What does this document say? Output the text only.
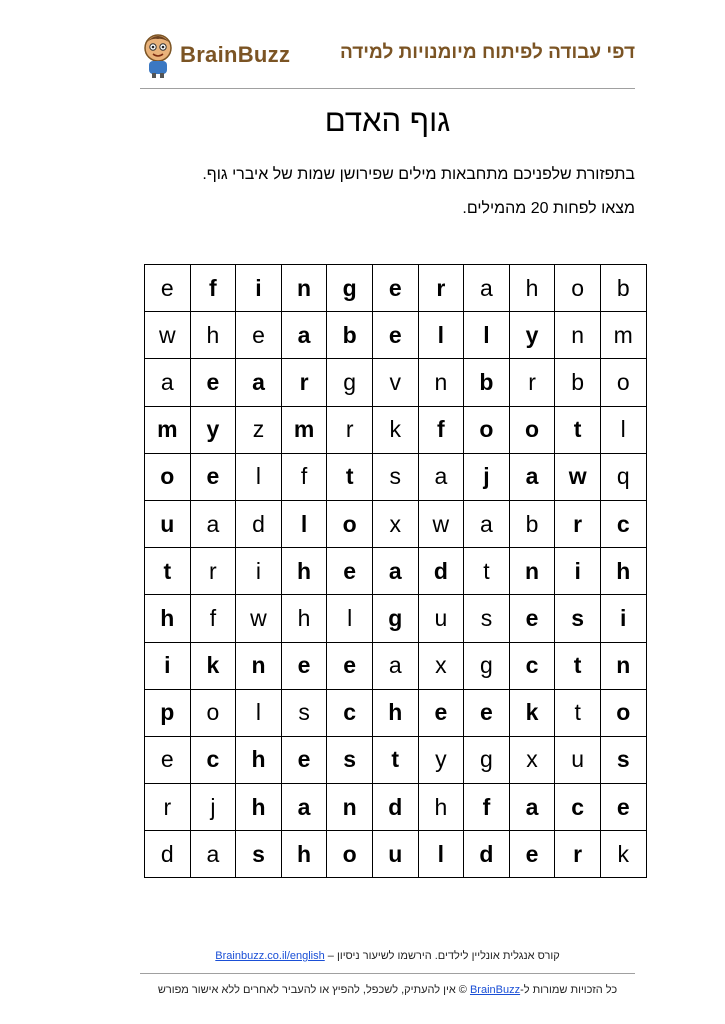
BrainBuzz	דפי עבודה לפיתוח מיומנויות למידה
גוף האדם
בתפזורת שלפניכם מתחבאות מילים שפירושן שמות של איברי גוף.
מצאו לפחות 20 מהמילים.
e	f	i	n	g	e	r	a	h	o	b
w	h	e	a	b	e	l	l	y	n	m
a	e	a	r	g	v	n	b	r	b	o
m	y	z	m	r	k	f	o	o	t	l
o	e	l	f	t	s	a	j	a	w	q
u	a	d	l	o	x	w	a	b	r	c
t	r	i	h	e	a	d	t	n	i	h
h	f	w	h	l	g	u	s	e	s	i
i	k	n	e	e	a	x	g	c	t	n
p	o	l	s	c	h	e	e	k	t	o
e	c	h	e	s	t	y	g	x	u	s
r	j	h	a	n	d	h	f	a	c	e
d	a	s	h	o	u	l	d	e	r	k
קורס אנגלית אונליין לילדים. הירשמו לשיעור ניסיון – Brainbuzz.co.il/english
כל הזכויות שמורות ל-BrainBuzz © אין להעתיק, לשכפל, להפיץ או להעביר לאחרים ללא אישור מפורש
